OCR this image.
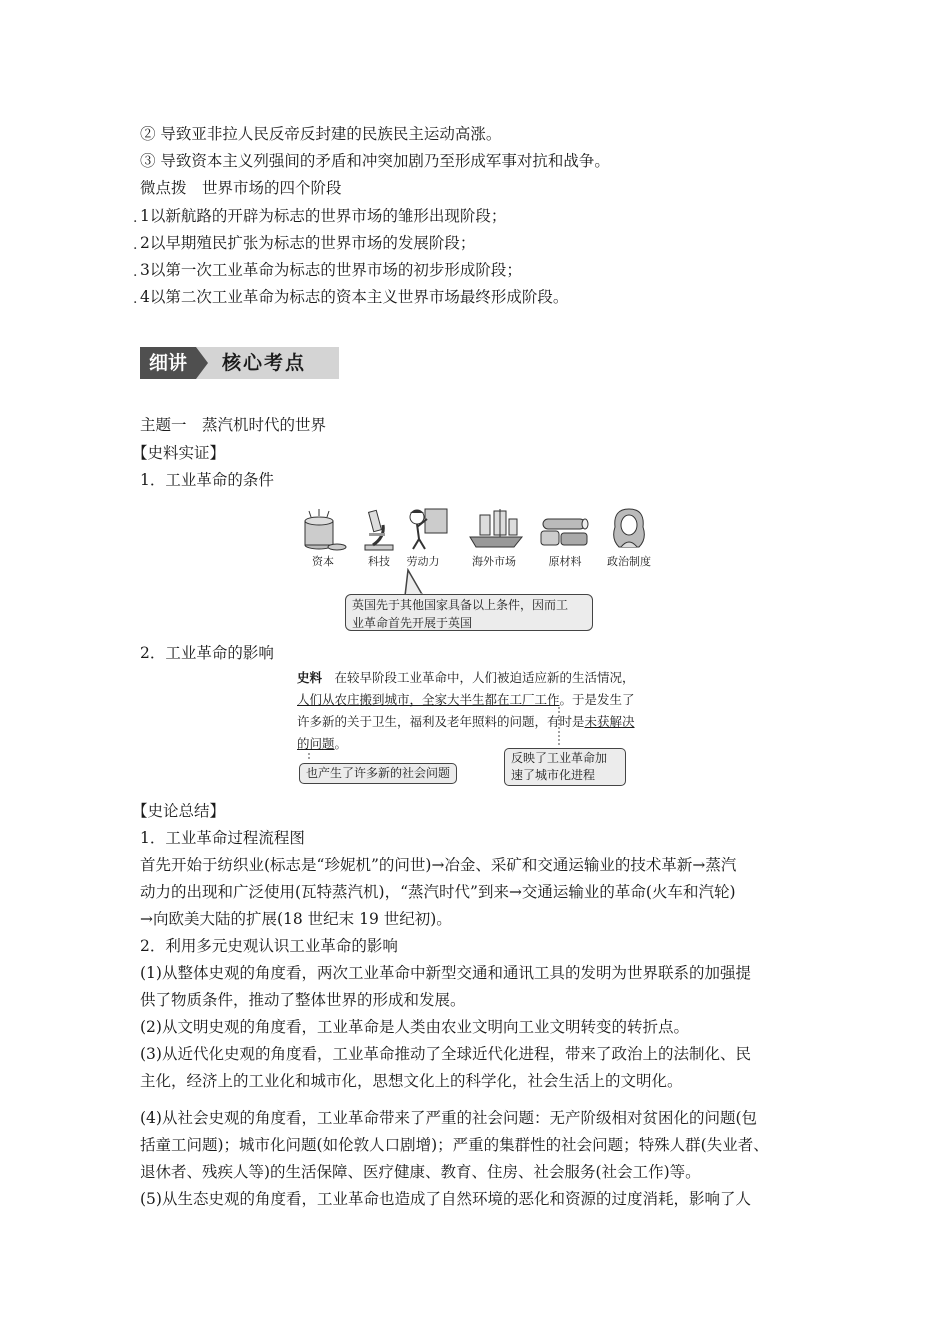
② 导致亚非拉人民反帝反封建的民族民主运动高涨。
③ 导致资本主义列强间的矛盾和冲突加剧乃至形成军事对抗和战争。
微点拨　世界市场的四个阶段
· 1以新航路的开辟为标志的世界市场的雏形出现阶段；
· 2以早期殖民扩张为标志的世界市场的发展阶段；
· 3以第一次工业革命为标志的世界市场的初步形成阶段；
· 4以第二次工业革命为标志的资本主义世界市场最终形成阶段。
细讲	核心考点
主题一　蒸汽机时代的世界
【史料实证】
1．工业革命的条件
资本	科技	劳动力	海外市场	原材料	政治制度
英国先于其他国家具备以上条件，因而工
业革命首先开展于英国
2．工业革命的影响
史料　 在较早阶段工业革命中，人们被迫适应新的生活情况，
人们从农庄搬到城市，全家大半生都在工厂工作。于是发生了
许多新的关于卫生，福利及老年照料的问题，有时是未获解决
的问题。
也产生了许多新的社会问题
反映了工业革命加
速了城市化进程
【史论总结】
1．工业革命过程流程图
首先开始于纺织业(标志是“珍妮机”的问世)→冶金、采矿和交通运输业的技术革新→蒸汽
动力的出现和广泛使用(瓦特蒸汽机)，“蒸汽时代”到来→交通运输业的革命(火车和汽轮)
→向欧美大陆的扩展(18 世纪末 19 世纪初)。
2．利用多元史观认识工业革命的影响
(1)从整体史观的角度看，两次工业革命中新型交通和通讯工具的发明为世界联系的加强提
供了物质条件，推动了整体世界的形成和发展。
(2)从文明史观的角度看，工业革命是人类由农业文明向工业文明转变的转折点。
(3)从近代化史观的角度看，工业革命推动了全球近代化进程，带来了政治上的法制化、民
主化，经济上的工业化和城市化，思想文化上的科学化，社会生活上的文明化。
(4)从社会史观的角度看，工业革命带来了严重的社会问题：无产阶级相对贫困化的问题(包
括童工问题)；城市化问题(如伦敦人口剧增)；严重的集群性的社会问题；特殊人群(失业者、
退休者、残疾人等)的生活保障、医疗健康、教育、住房、社会服务(社会工作)等。
(5)从生态史观的角度看，工业革命也造成了自然环境的恶化和资源的过度消耗，影响了人
